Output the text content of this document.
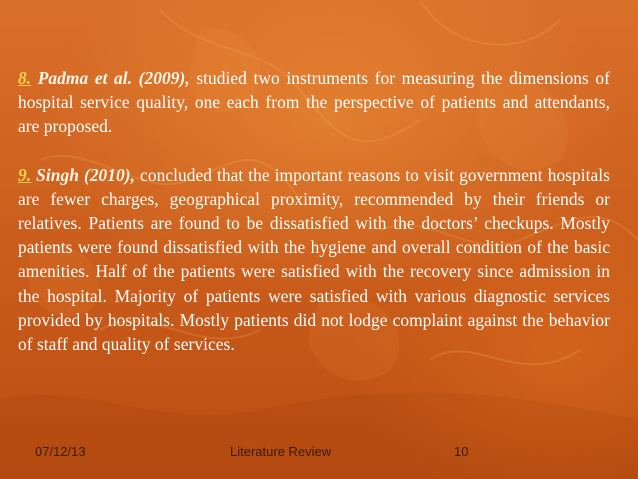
8. Padma et al. (2009), studied two instruments for measuring the dimensions of hospital service quality, one each from the perspective of patients and attendants, are proposed.

9. Singh (2010), concluded that the important reasons to visit government hospitals are fewer charges, geographical proximity, recommended by their friends or relatives. Patients are found to be dissatisfied with the doctors’ checkups. Mostly patients were found dissatisfied with the hygiene and overall condition of the basic amenities. Half of the patients were satisfied with the recovery since admission in the hospital. Majority of patients were satisfied with various diagnostic services provided by hospitals. Mostly patients did not lodge complaint against the behavior of staff and quality of services.

07/12/13	Literature Review	10
